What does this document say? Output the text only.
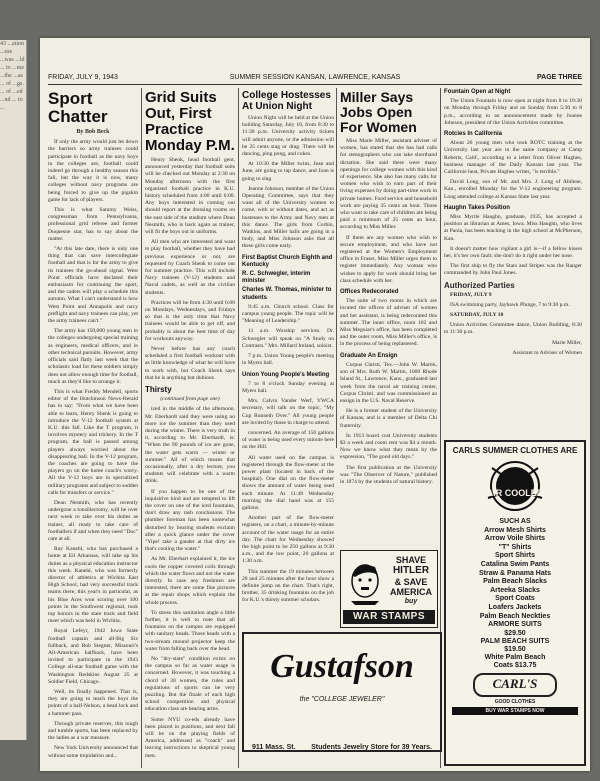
43 ...ation ...ese ...was ...ld ... to ...me ...the ...as ... of ...gs. ... of ...ed ...nd ... to ...
FRIDAY, JULY 9, 1943	SUMMER SESSION KANSAN, LAWRENCE, KANSAS	PAGE THREE
Sport Chatter
By Bob Beck

If only the army would just let down the barriers so army trainees could participate in football as the navy boys in the colleges are, football could indeed go through a healthy season this fall, but the way it is now, many colleges without navy programs are being forced to give up the pigskin game for lack of players.

This is what Sammy Weiss, congressman from Pennsylvania, professional grid referee and former Duquesne star, has to say about the matter.

"At this late date, there is only one thing that can save intercollegiate football and that is for the army to give its trainees the go-ahead signal. West Point officials have declared their enthusiasm for continuing the sport, and the cadets will play a schedule this autumn. What I can't understand is how West Point and Annapolis and navy preflight and navy trainees can play, yet the army trainees can't."

The army has 150,000 young men in the colleges undergoing special training as engineers, medical officers, and in other technical pursuits. However, army officials said flatly last week that the scholastic load for these soldiers simply does not allow enough time for football, much as they'd like to arrange it.

This is what Freddy Mendell, sports editor of the Hutchinson News-Herald has to say: "From what we have been able to learn, Henry Shenk is going to introduce the V-12 football system at K.U. this fall. Like the T program, it involves mystery and trickery. In the T program, the ball is passed among players always worried about the disappearing ball. In the V-12 program, the coaches are going to have the players go on the home coach's worry. All the V-12 boys are in specialized military programs and subject to sudden calls for transfers or service."

Dean Nesmith, who has recently undergone a tonsillectomy, will be over next week to take over his duties as trainer, all ready to take care of footballers if and when they need "Doc" care at all.

Ray Kanehl, who has purchased a home at Eil Arkansas, will take up his duties as a physical education instructor this week. Kanehl, who was formerly director of athletics at Wichita East High School, had very successful track teams there, this year's in particular, as his Blue Aces won scoring over 100 points in the Southwest regional, took top honors in the state track and field meet which was held in Wichita.

Royal Lefeyr, 1942 Iowa State football captain and all-Big Six fullback, and Bob Stegner, Missouri's All-American halfback, have been invited to participate in the 1943 College all-star football game with the Washington Redskins August 25 at Soldier Field, Chicago.

Well, its finally happened. That is, they are going to teach the boys the points of a half-Nelson, a head lock and a hammer pass.

Through private reserves, this tough and tumble sports, has been replaced by the ladies as a war measure.

New York University announced that without some trepidation and...

Grid Suits Out, First Practice Monday P.M.

Henry Shenk, head football gent, announced yesterday that football suits will be checked out Monday at 2:30 on Monday afternoon with the first organized football practice in K.U. history scheduled from 4:00 until 6:00. Any boys interested in coming out should report at the dressing rooms on the east side of the stadium where Dean Nesmith, who is back again as trainer, will fit the boys out in uniforms.

All men who are interested and want to play football, whether they have had previous experience or not, are requested by Coach Shenk to come out for summer practice. This will include Navy trainees (V-12) students and Naval cadets, as well as the civilian students.

Practices will be from 4:30 until 6:00 on Mondays, Wednesdays, and Fridays so that is the only time that Navy trainees would be able to get off, and probably is about the best time of day for workouts anyway.

Never before has any coach scheduled a first football workout with as little knowledge of what he will have to work with, but Coach Shenk says that he is anything but dubious.

Thirsty
(continued from page one)

ized in the middle of the afternoon. Mr. Eberhardt said they were using no more ice the summer than they used during the winter. There is very truth in it, according to Mr. Eberhardt, is: "When the 90 pounds of ice are gone, the water gets warm — winter or summer." All of which means that occasionally, after a dry lecture, you students will celebrate with a warm drink.

If you happen to be one of the inquisitive kind and are tempted to lift the cover on one of the iced fountains, don't draw any rash conclusions. The plumber foreman has been somewhat disturbed by hearing students exclaim after a quick glance under the cover "Yipe! take a gander at that dirty ice that's cooling the water."

As Mr. Eberhart explained it, the ice cools the copper covered coils through which the water flows and not the water directly. In case any freshmen are interested, there are some fine pictures at the repair shops which explain the whole process.

To stress this sanitation angle a little further, it is well to note that all fountains on the campus are equipped with sanitary heads. Those heads with a two-stream mound projector keep the water from falling back over the head.

No "dry-state" condition exists on the campus so far as water usage is concerned. However, it was touching a chord of 30 women, the rules and regulations of sports can be very puzzling. But the finale of each high school competition and physical education class are bearing arms.

Some NYU co-eds already have been placed in positions, and next fall will be on the playing fields of America, addressed as "coach" and leaving instructions to skeptical young men.

College Hostesses At Union Night

Union Night will be held at the Union building Saturday, July 10, from 8:30 to 11:30 p.m. University activity tickets will admit anyone, or the admission will be 25 cents stag or drag. There will be dancing, ping pong, and cokes.

At 10:30 the Miller twins, Jean and June, are going to tap dance, and Joan is going to sing.

Jeanne Johnson, member of the Union Operating Committee, says that they want all of the University women to come, with or without dates, and act as hostesses to the Army and Navy men at this dance. The girls from Corbin, Watkins, and Miller halls are going in a body, and Miss Johnson asks that all these girls come early.

First Baptist Church Eighth and Kentucky
R. C. Schwegler, interim minister
Charles W. Thomas, minister to students

9:45 a.m. Church school. Class for campus young people. The topic will be "Meaning of Leadership."

11 a.m. Worship services. Dr. Schwegler will speak on "A Study on Contrasts." Mrs. Millard Ireland, soloist.

7 p.m. Union Young people's meeting in Myers hall.

Union Young People's Meeting

7 to 8 o'clock Sunday evening at Myers hall.

Mrs. Calvin Vander Werf, YWCA secretary, will talk on the topic, "My Cup Runneth Over." All young people are invited by those in charge to attend.

concerned. An average of 150 gallons of water is being used every minute here on the Hill.

All water used on the campus is registered through the flow-meter at the power plant (located in back of the hospital). One dial on the flow-meter shows the amount of water being used each minute. At 11:48 Wednesday morning the dial hand was at 155 gallons.

Another part of the flow-meter registers, on a chart, a minute-by-minute account of the water usage for an entire day. The chart for Wednesday showed the high point to be 250 gallons at 9:30 a.m., and the low point, 20 gallons at 1:30 a.m.

This summer the 19 minutes between 20 and 25 minutes after the hour show a definite jump on the chart. That's right, brother, 35 drinking fountains on the job for K.U.'s thirsty summer scholars.

Miller Says Jobs Open For Women

Miss Marie Miller, assistant adviser of women, has stated that she has had calls for stenographers who can take shorthand dictation. She said there were many openings for college women with this kind of experience. She also has many calls for women who wish to earn part of their living expenses by doing part-time work in private homes. Food service and household work are paying 35 cents an hour. Those who want to take care of children are being paid a minimum of 25 cents an hour, according to Miss Miller.

If there are any women who wish to secure employment, and who have not registered at the Women's Employment office in Fraser, Miss Miller urges them to register immediately. Any woman who wishes to apply for work should bring her class schedule with her.

Offices Redecorated

The suite of two rooms in which are located the offices of adviser of women and her assistant, is being redecorated this summer. The inner office, room 102 and Miss Meguiar's office, has been completed and the outer room, Miss Miller's office, is in the process of being replastered.

Graduate An Ensign

Corpus Christi, Tex.—John W. Martin, son of Mrs. Ruth W. Martin, 1000 Rhode Island St., Lawrence, Kans., graduated last week from the naval air training center, Corpus Christi, and was commissioned an ensign in the U.S. Naval Reserve.

He is a former student of the University of Kansas, and is a member of Delta Chi fraternity.

In 1913 board cost University students $3 a week and room rent was $4 a month. Now we know what they mean by the expression, "The good old days."

The first publication at the University was "The Observer of Nature," published in 1874 by the students of natural history.

Fountain Open at Night

The Union Fountain is now open at night from 8 to 10:30 on Monday through Friday and on Sunday from 5:30 to 8 p.m., according to an announcement made by Joanne Johnson, president of the Union Activities committee.

Rotcies In California

About 26 young men who took ROTC training at the University last year are in the same company at Camp Roberts, Calif., according to a letter from Oliver Hughes, business manager of the Daily Kansan last year. The Californie heat, Private Hughes writes, "is terrible."

David Long, son of Mr. and Mrs. J. Long of Abilene, Kan., enrolled Monday for the V-12 engineering program. Long attended college at Kansas State last year.

Haughn Takes Position

Miss Myrtle Haughn, graduate, 1935, has accepted a position as librarian at Ames, Iowa. Miss Haughn, who lives at Paola, has been teaching in the high school at McPherson, Kan.

It doesn't matter how vigilant a girl is—if a fellow kisses her, it's her own fault; she don't do it right under her nose.

The first ship to fly the Stars and Stripes was the Ranger commanded by John Paul Jones.

Authorized Parties

FRIDAY, JULY 9

ISA swimming party, Jayhawk Plunge, 7 to 9:30 p.m.

SATURDAY, JULY 10

Union Activities Committee dance, Union Building, 8:30 to 11:30 p.m.

Marie Miller,

Assistant to Adviser of Women

SHAVE
HITLER
& SAVE
AMERICA
buy
WAR STAMPS
Gustafson
the "COLLEGE JEWELER"
911 Mass. St. Students Jewelry Store for 39 Years.
CARLS SUMMER CLOTHES ARE
AIR COOLED
SUCH AS
Arrow Mesh Shirts
Arrow Voile Shirts
"T" Shirts
Sport Shirts
Catalina Swim Pants
Straw & Panama Hats
Palm Beach Slacks
Arteeka Slacks
Sport Coats
Loafers Jackets
Palm Beach Neckties
ARMORE SUITS
$29.50
PALM BEACH SUITS
$19.50
White Palm Beach
Coats $13.75
CARL'S
GOOD CLOTHES
BUY WAR STAMPS NOW
